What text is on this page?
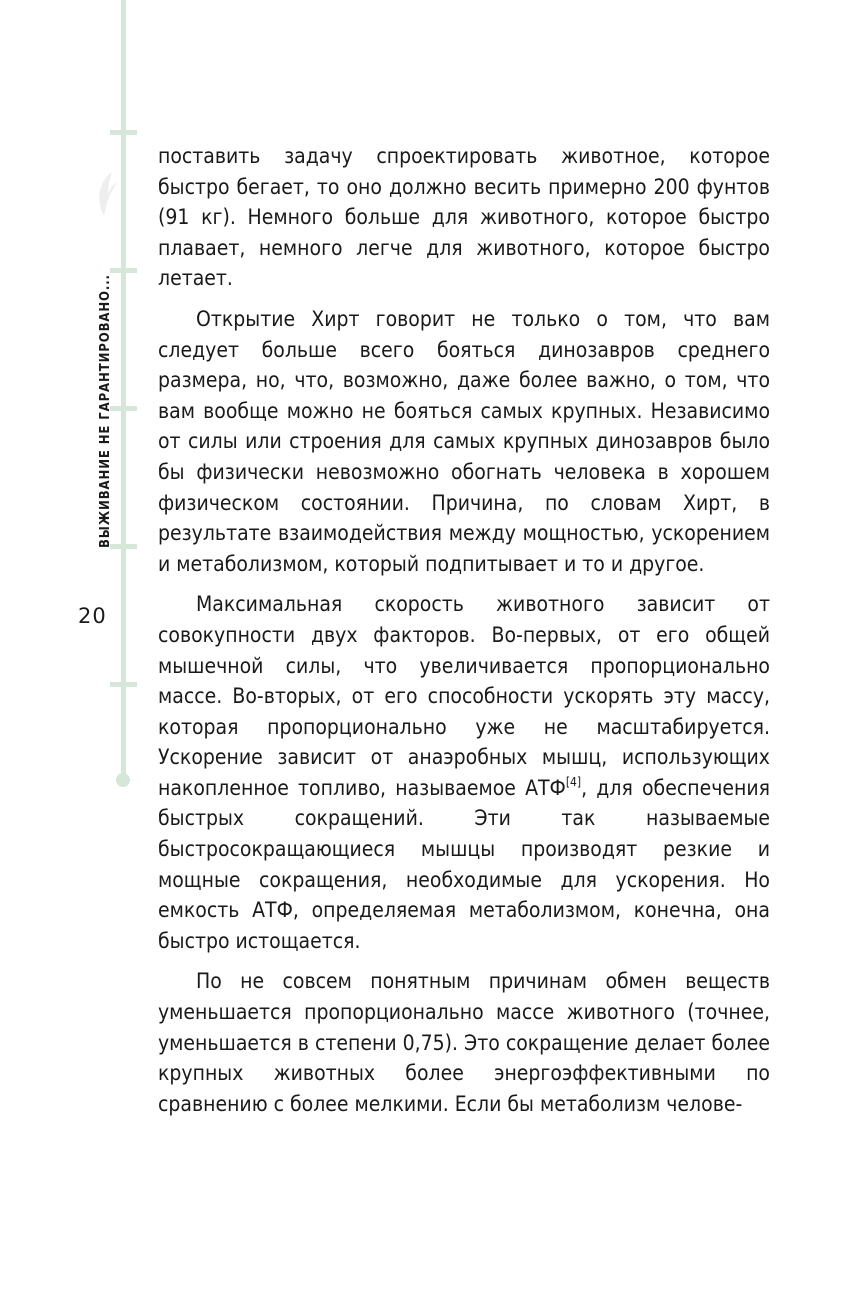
ВЫЖИВАНИЕ НЕ ГАРАНТИРОВАНО...
20

поставить задачу спроектировать животное, которое быстро бегает, то оно должно весить примерно 200 фунтов (91 кг). Немного больше для животного, которое быстро плавает, немного легче для животного, которое быстро летает.

Открытие Хирт говорит не только о том, что вам следует больше всего бояться динозавров среднего размера, но, что, возможно, даже более важно, о том, что вам вообще можно не бояться самых крупных. Независимо от силы или строения для самых крупных динозавров было бы физически невозможно обогнать человека в хорошем физическом состоянии. Причина, по словам Хирт, в результате взаимодействия между мощностью, ускорением и метаболизмом, который подпитывает и то и другое.

Максимальная скорость животного зависит от совокупности двух факторов. Во-первых, от его общей мышечной силы, что увеличивается пропорционально массе. Во-вторых, от его способности ускорять эту массу, которая пропорционально уже не масштабируется. Ускорение зависит от анаэробных мышц, использующих накопленное топливо, называемое АТФ[4], для обеспечения быстрых сокращений. Эти так называемые быстросокращающиеся мышцы производят резкие и мощные сокращения, необходимые для ускорения. Но емкость АТФ, определяемая метаболизмом, конечна, она быстро истощается.

По не совсем понятным причинам обмен веществ уменьшается пропорционально массе животного (точнее, уменьшается в степени 0,75). Это сокращение делает более крупных животных более энергоэффективными по сравнению с более мелкими. Если бы метаболизм челове-
